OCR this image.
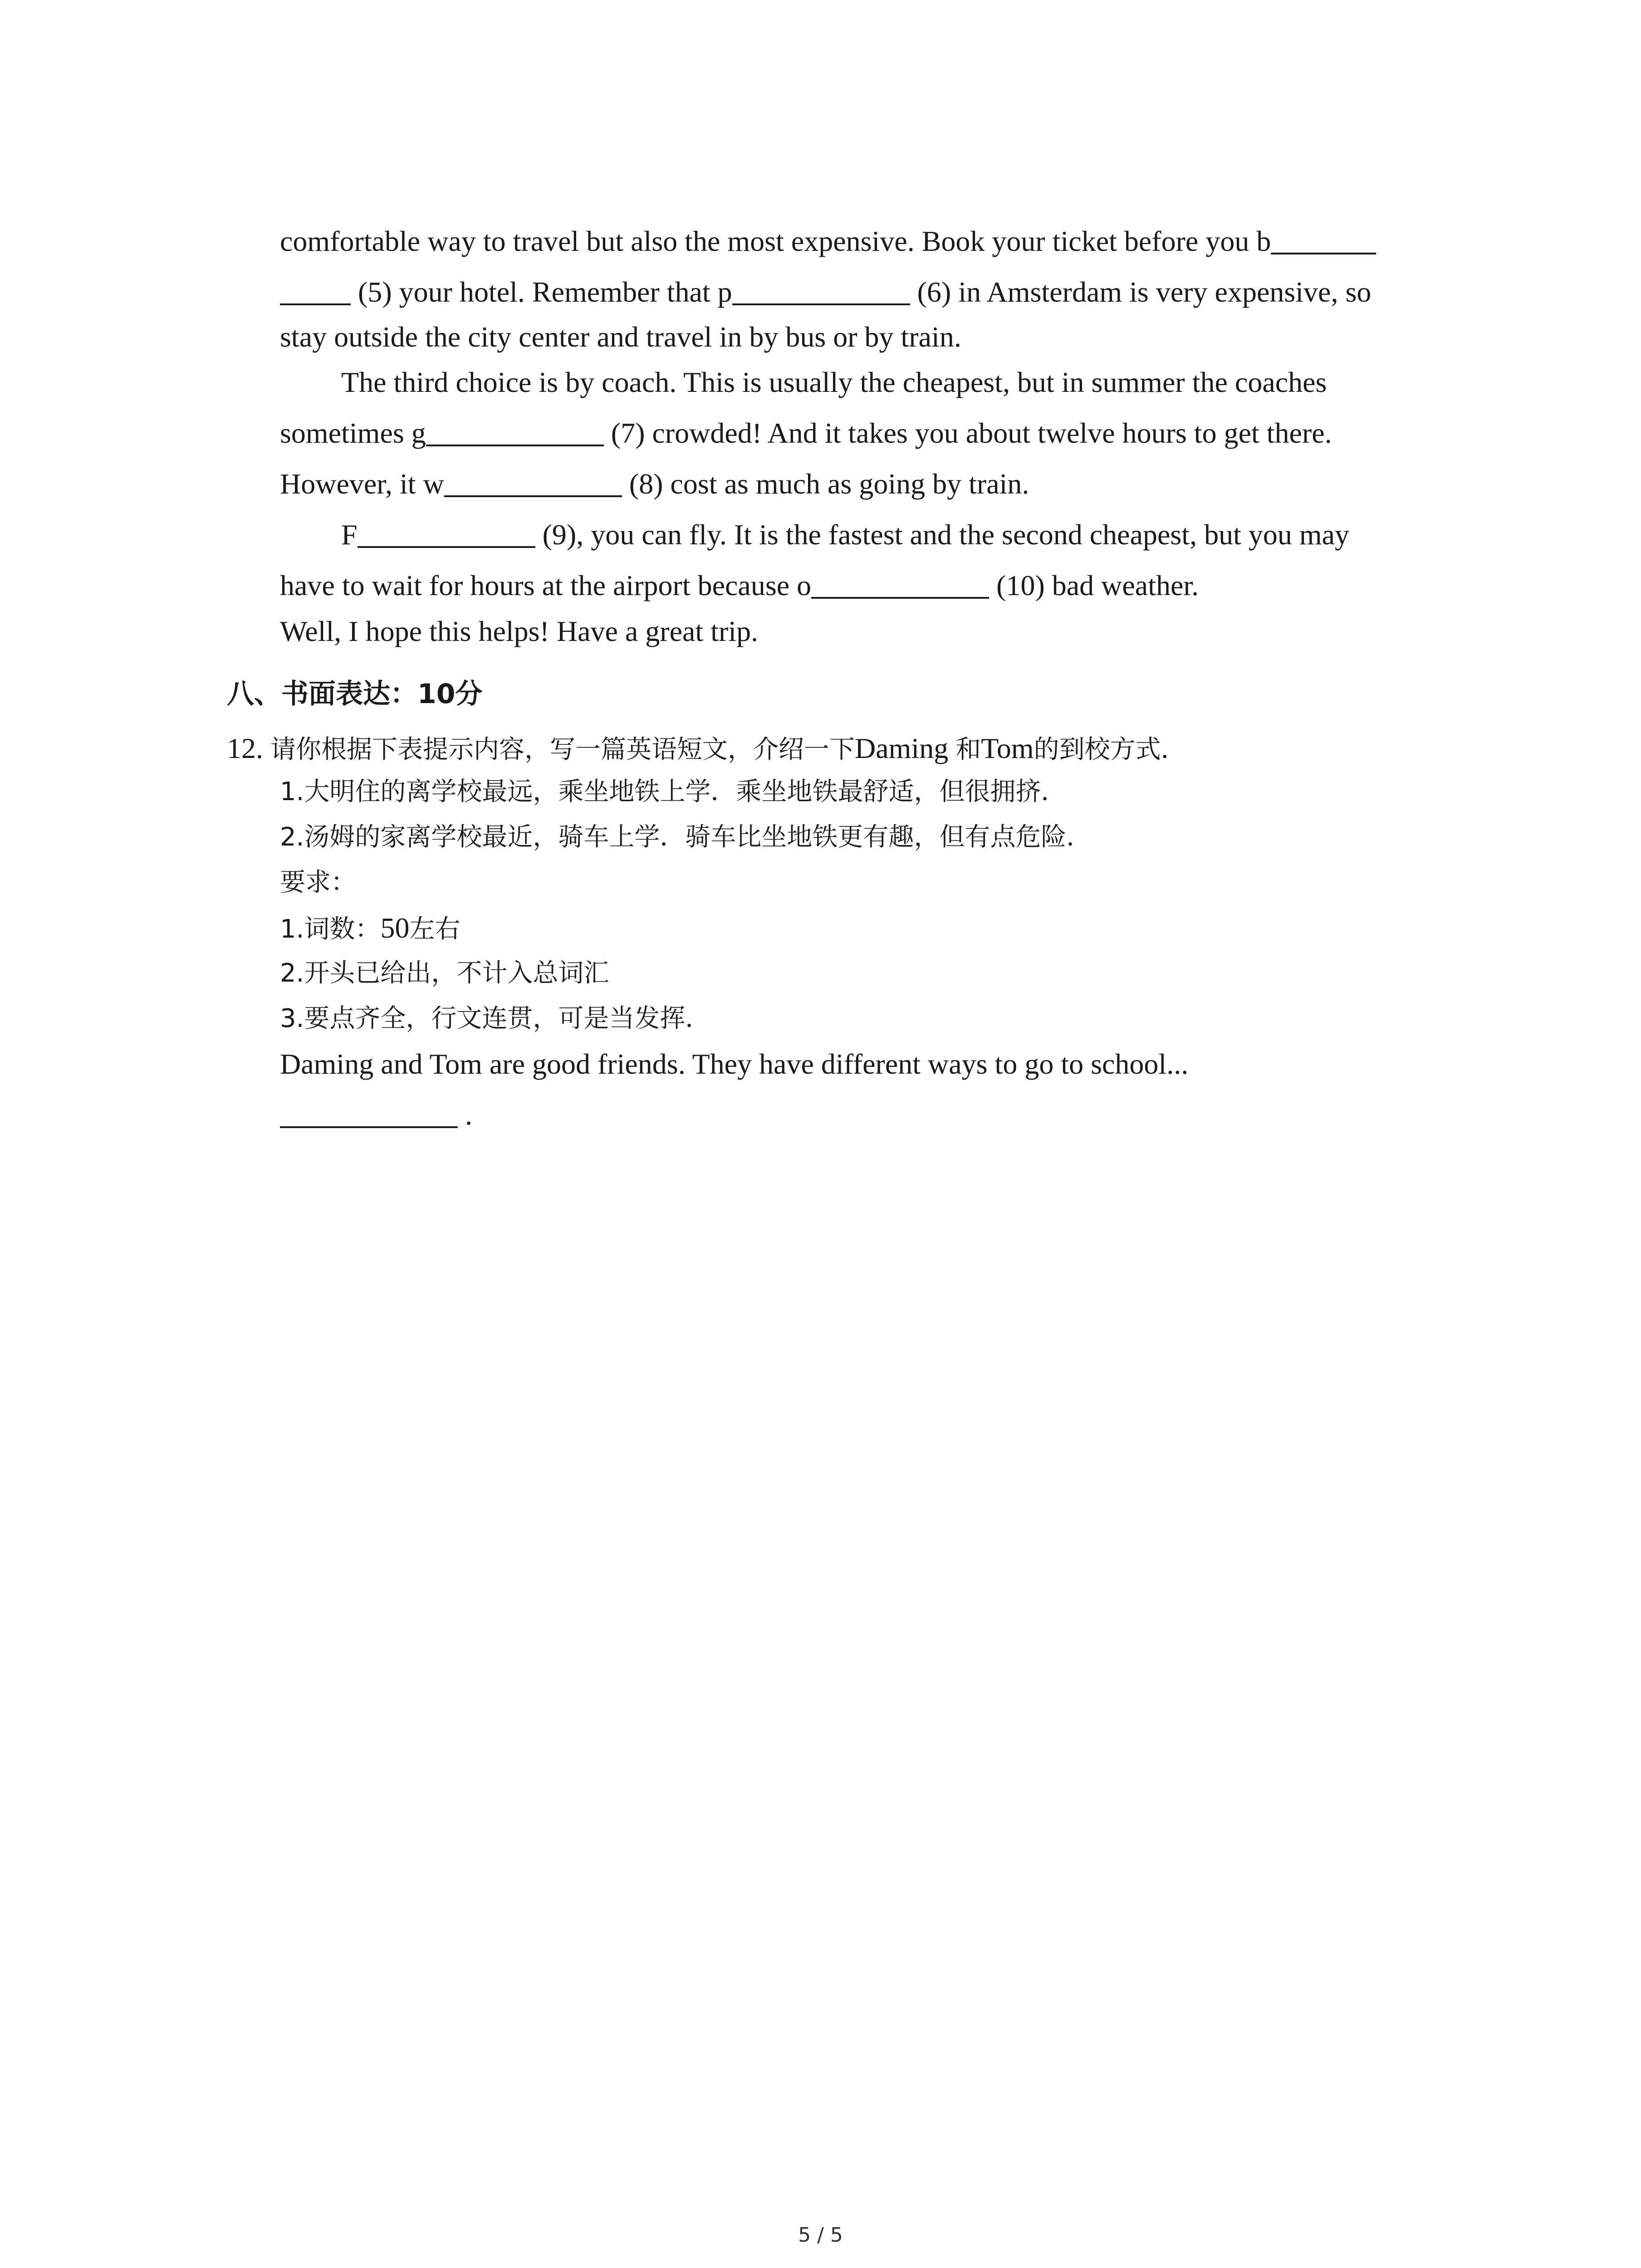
comfortable way to travel but also the most expensive. Book your ticket before you b
(5) your hotel. Remember that p	(6) in Amsterdam is very expensive, so
stay outside the city center and travel in by bus or by train.
The third choice is by coach. This is usually the cheapest, but in summer the coaches
sometimes g	(7) crowded! And it takes you about twelve hours to get there.
However, it w	(8) cost as much as going by train.
F	(9), you can fly. It is the fastest and the second cheapest, but you may
have to wait for hours at the airport because o	(10) bad weather.
Well, I hope this helps! Have a great trip.
八、书面表达：10分
12. 请你根据下表提示内容，写一篇英语短文，介绍一下Daming 和Tom的到校方式．
1.大明住的离学校最远，乘坐地铁上学．乘坐地铁最舒适，但很拥挤．
2.汤姆的家离学校最近，骑车上学．骑车比坐地铁更有趣，但有点危险．
要求：
1.词数：50左右
2.开头已给出，不计入总词汇
3.要点齐全，行文连贯，可是当发挥．
Daming and Tom are good friends. They have different ways to go to school...
.
5 / 5
